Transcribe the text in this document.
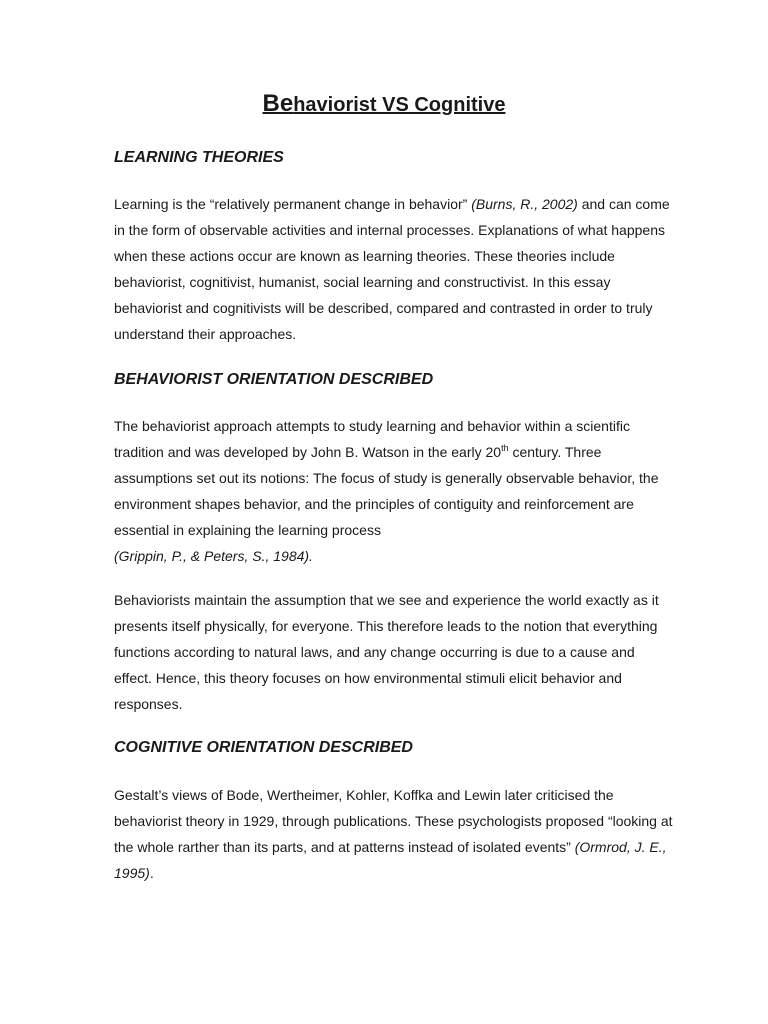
Behaviorist VS Cognitive
LEARNING THEORIES
Learning is the “relatively permanent change in behavior” (Burns, R., 2002) and can come in the form of observable activities and internal processes. Explanations of what happens when these actions occur are known as learning theories. These theories include behaviorist, cognitivist, humanist, social learning and constructivist. In this essay behaviorist and cognitivists will be described, compared and contrasted in order to truly understand their approaches.
BEHAVIORIST ORIENTATION DESCRIBED
The behaviorist approach attempts to study learning and behavior within a scientific tradition and was developed by John B. Watson in the early 20th century. Three assumptions set out its notions: The focus of study is generally observable behavior, the environment shapes behavior, and the principles of contiguity and reinforcement are essential in explaining the learning process
(Grippin, P., & Peters, S., 1984).
Behaviorists maintain the assumption that we see and experience the world exactly as it presents itself physically, for everyone. This therefore leads to the notion that everything functions according to natural laws, and any change occurring is due to a cause and effect. Hence, this theory focuses on how environmental stimuli elicit behavior and responses.
COGNITIVE ORIENTATION DESCRIBED
Gestalt’s views of Bode, Wertheimer, Kohler, Koffka and Lewin later criticised the behaviorist theory in 1929, through publications. These psychologists proposed “looking at the whole rarther than its parts, and at patterns instead of isolated events” (Ormrod, J. E., 1995).
